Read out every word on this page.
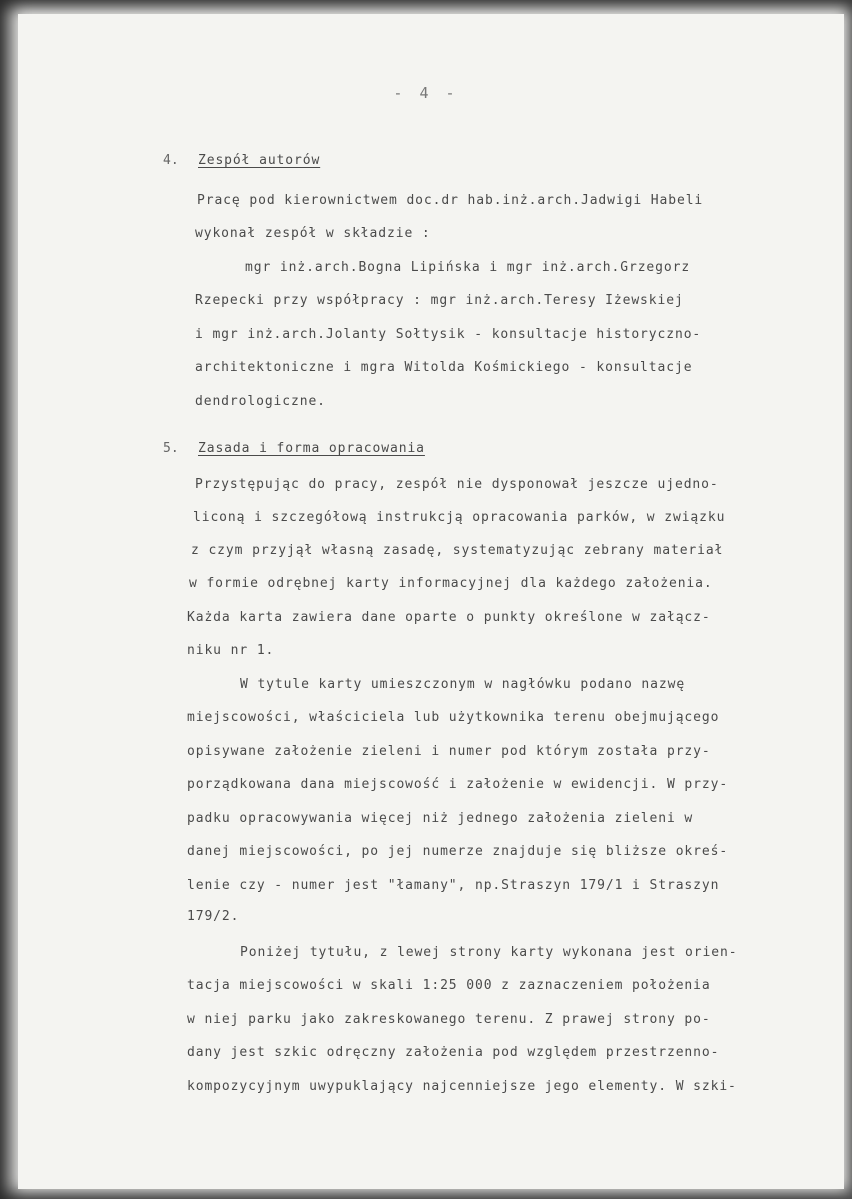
- 4 -
4. Zespół autorów
Pracę pod kierownictwem doc.dr hab.inż.arch.Jadwigi Habeli
wykonał zespół w składzie :
mgr inż.arch.Bogna Lipińska i mgr inż.arch.Grzegorz
Rzepecki przy współpracy : mgr inż.arch.Teresy Iżewskiej
i mgr inż.arch.Jolanty Sołtysik - konsultacje historyczno-
architektoniczne i mgra Witolda Kośmickiego - konsultacje
dendrologiczne.
5. Zasada i forma opracowania
Przystępując do pracy, zespół nie dysponował jeszcze ujedno-
liconą i szczegółową instrukcją opracowania parków, w związku
z czym przyjął własną zasadę, systematyzując zebrany materiał
w formie odrębnej karty informacyjnej dla każdego założenia.
Każda karta zawiera dane oparte o punkty określone w załącz-
niku nr 1.
W tytule karty umieszczonym w nagłówku podano nazwę
miejscowości, właściciela lub użytkownika terenu obejmującego
opisywane założenie zieleni i numer pod którym została przy-
porządkowana dana miejscowość i założenie w ewidencji. W przy-
padku opracowywania więcej niż jednego założenia zieleni w
danej miejscowości, po jej numerze znajduje się bliższe okreś-
lenie czy - numer jest "łamany", np.Straszyn 179/1 i Straszyn
179/2.
Poniżej tytułu, z lewej strony karty wykonana jest orien-
tacja miejscowości w skali 1:25 000 z zaznaczeniem położenia
w niej parku jako zakreskowanego terenu. Z prawej strony po-
dany jest szkic odręczny założenia pod względem przestrzenno-
kompozycyjnym uwypuklający najcenniejsze jego elementy. W szki-
